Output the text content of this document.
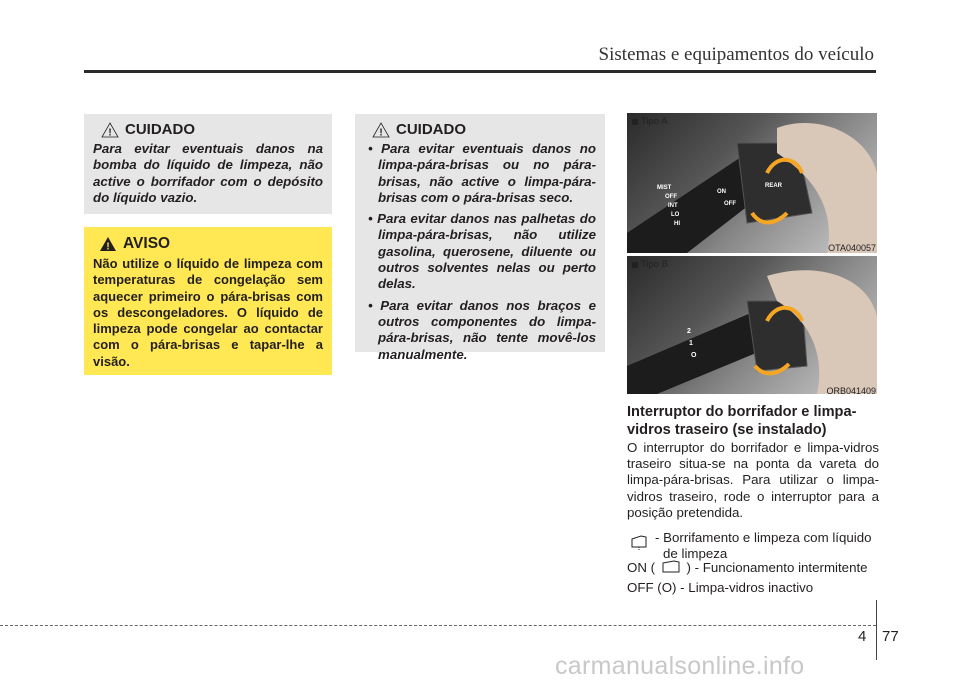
Sistemas e equipamentos do veículo
! CUIDADO
Para evitar eventuais danos na bomba do líquido de limpeza, não active o borrifador com o depósito do líquido vazio.
! AVISO
Não utilize o líquido de limpeza com temperaturas de congelação sem aquecer primeiro o pára-brisas com os descongeladores. O líquido de limpeza pode congelar ao contactar com o pára-brisas e tapar-lhe a visão.
! CUIDADO
• Para evitar eventuais danos no limpa-pára-brisas ou no pára-brisas, não active o limpa-pára-brisas com o pára-brisas seco.
• Para evitar danos nas palhetas do limpa-pára-brisas, não utilize gasolina, querosene, diluente ou outros solventes nelas ou perto delas.
• Para evitar danos nos braços e outros componentes do limpa-pára-brisas, não tente movê-los manualmente.
Tipo A
MIST
OFF
INT
LO
HI
ON
OFF
REAR
OTA040057
Tipo B
2
1
O
ORB041409
Interruptor do borrifador e limpa-vidros traseiro (se instalado)
O interruptor do borrifador e limpa-vidros traseiro situa-se na ponta da vareta do limpa-pára-brisas. Para utilizar o limpa-vidros traseiro, rode o interruptor para a posição pretendida.
- Borrifamento e limpeza com líquido
de limpeza
ON ( ) - Funcionamento intermitente
OFF (O) - Limpa-vidros inactivo
4 77
carmanualsonline.info
